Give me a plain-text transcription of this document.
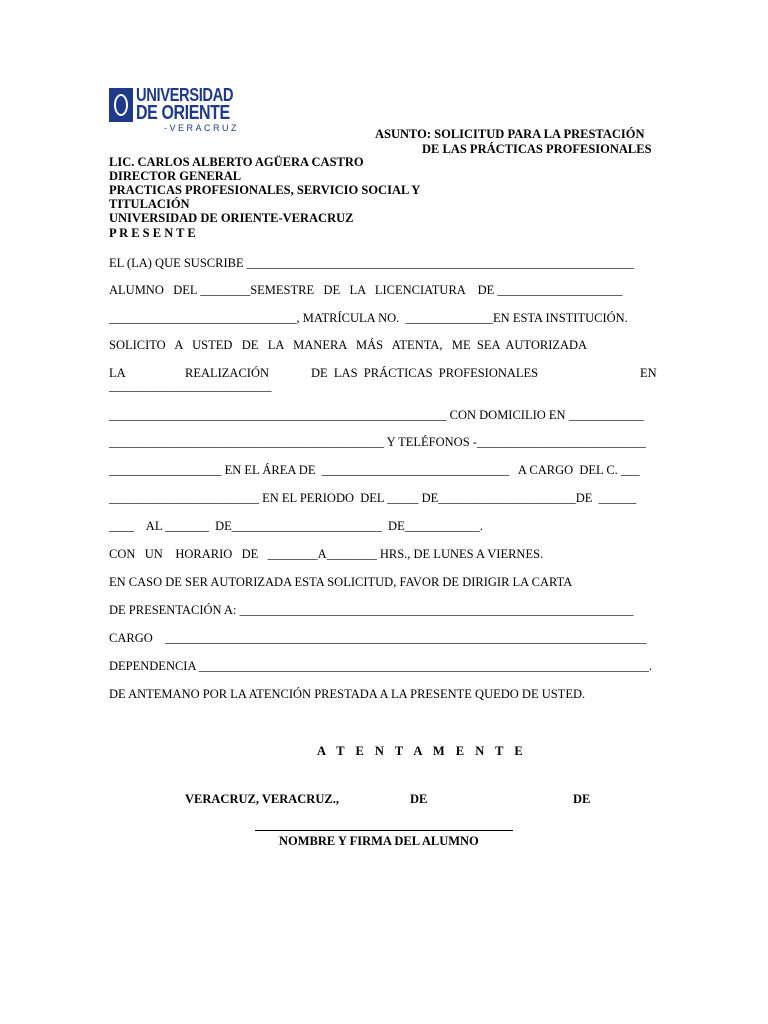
UNIVERSIDAD
DE ORIENTE
-VERACRUZ	ASUNTO: SOLICITUD PARA LA PRESTACIÓN
DE LAS PRÁCTICAS PROFESIONALES
LIC. CARLOS ALBERTO AGÜERA CASTRO
DIRECTOR GENERAL
PRACTICAS PROFESIONALES, SERVICIO SOCIAL Y
TITULACIÓN
UNIVERSIDAD DE ORIENTE-VERACRUZ
P R E S E N T E
EL (LA) QUE SUSCRIBE ______________________________________________________________
ALUMNO   DEL ________SEMESTRE   DE   LA   LICENCIATURA    DE ____________________
______________________________, MATRÍCULA NO.  ______________EN ESTA INSTITUCIÓN.
SOLICITO   A   USTED   DE   LA   MANERA   MÁS   ATENTA,   ME  SEA  AUTORIZADA
LA	REALIZACIÓN	DE  LAS  PRÁCTICAS  PROFESIONALES	EN
__________________________
______________________________________________________ CON DOMICILIO EN ____________
____________________________________________ Y TELÉFONOS -___________________________
__________________ EN EL ÁREA DE  ______________________________   A CARGO  DEL C. ___
________________________ EN EL PERIODO  DEL _____ DE______________________DE  ______
____    AL _______  DE________________________  DE____________.
CON   UN    HORARIO   DE   ________A________ HRS., DE LUNES A VIERNES.
EN CASO DE SER AUTORIZADA ESTA SOLICITUD, FAVOR DE DIRIGIR LA CARTA
DE PRESENTACIÓN A: _______________________________________________________________
CARGO    _____________________________________________________________________________
DEPENDENCIA ________________________________________________________________________.
DE ANTEMANO POR LA ATENCIÓN PRESTADA A LA PRESENTE QUEDO DE USTED.
A T E N T A M E N T E
VERACRUZ, VERACRUZ.,	DE	DE
NOMBRE Y FIRMA DEL ALUMNO
